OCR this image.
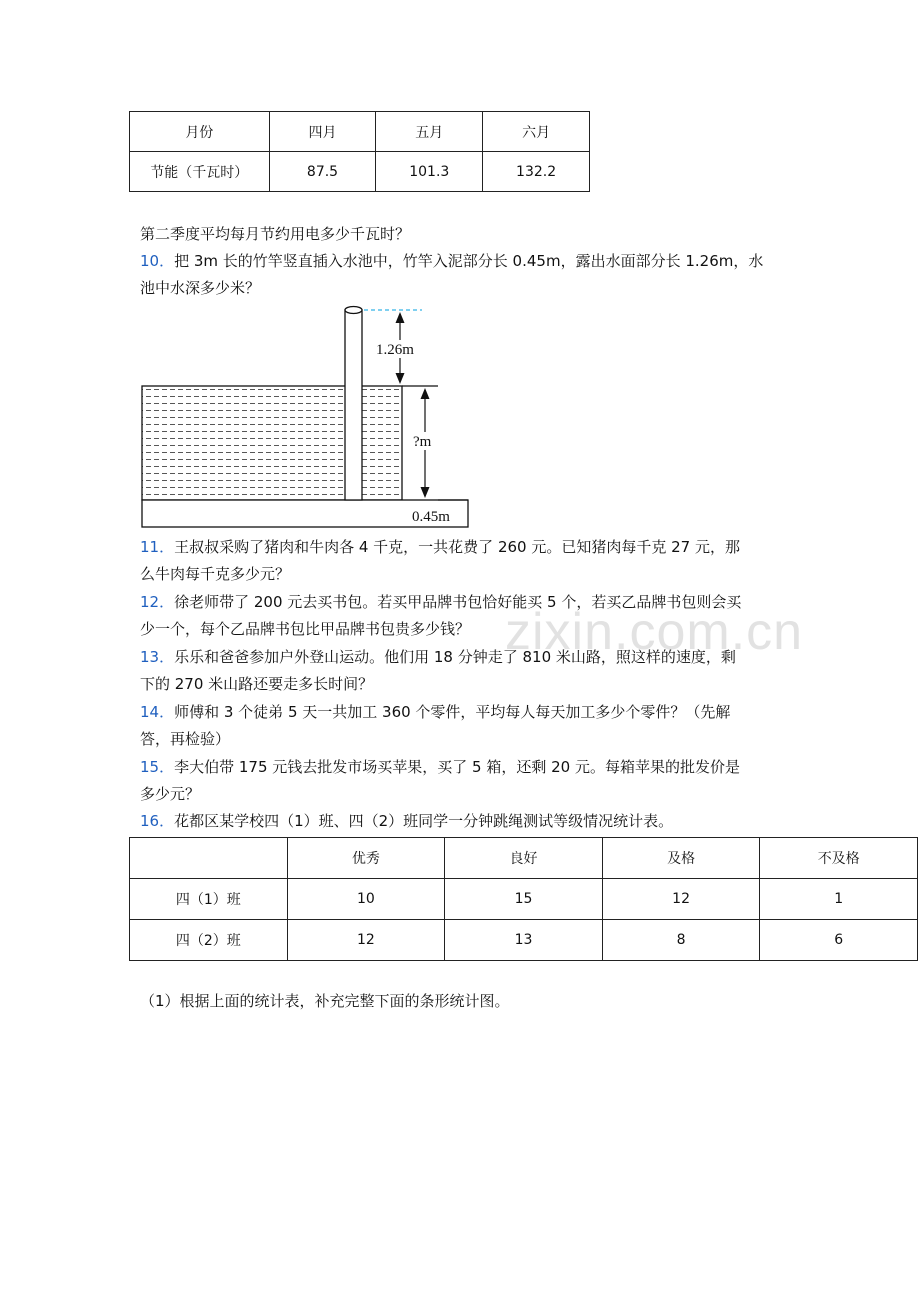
月份	四月	五月	六月
节能（千瓦时）	87.5	101.3	132.2
第二季度平均每月节约用电多少千瓦时？
10．把 3m 长的竹竿竖直插入水池中，竹竿入泥部分长 0.45m，露出水面部分长 1.26m，水
池中水深多少米？
1.26m
?m
0.45m
11．王叔叔采购了猪肉和牛肉各 4 千克，一共花费了 260 元。已知猪肉每千克 27 元，那
么牛肉每千克多少元？
12．徐老师带了 200 元去买书包。若买甲品牌书包恰好能买 5 个，若买乙品牌书包则会买
少一个，每个乙品牌书包比甲品牌书包贵多少钱？
13．乐乐和爸爸参加户外登山运动。他们用 18 分钟走了 810 米山路，照这样的速度，剩
下的 270 米山路还要走多长时间？
14．师傅和 3 个徒弟 5 天一共加工 360 个零件，平均每人每天加工多少个零件？（先解
答，再检验）
15．李大伯带 175 元钱去批发市场买苹果，买了 5 箱，还剩 20 元。每箱苹果的批发价是
多少元？
16．花都区某学校四（1）班、四（2）班同学一分钟跳绳测试等级情况统计表。
	优秀	良好	及格	不及格
四（1）班	10	15	12	1
四（2）班	12	13	8	6
（1）根据上面的统计表，补充完整下面的条形统计图。
zixin.com.cn
